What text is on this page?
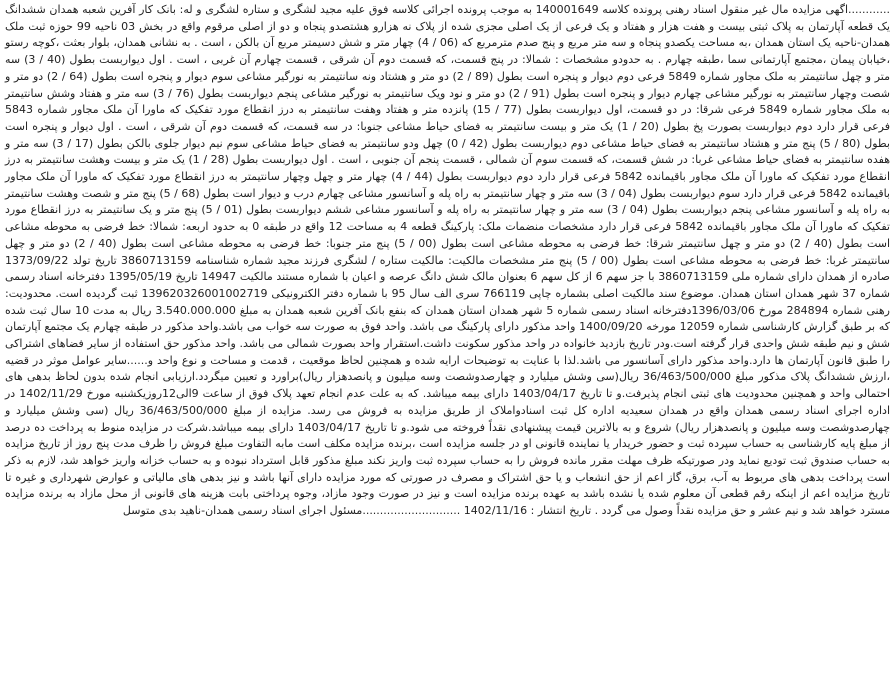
............اگهی مزایده مال غیر منقول اسناد رهنی پرونده کلاسه 140001649 به موجب پرونده اجرائی کلاسه فوق علیه مجید لشگری و ستاره لشگری و له: بانک کار آفرین شعبه همدان ششدانگ یک قطعه آپارتمان به پلاک ثبتی بیست و هفت هزار و هفتاد و یک فرعی از یک اصلی مجزی شده از پلاک نه هزارو هشتصدو پنجاه و دو از اصلی مرقوم واقع در بخش 03 ناحیه 99 حوزه ثبت ملک همدان-ناحیه یک استان همدان ،به مساحت یکصدو پنجاه و سه متر مربع و پنج صدم مترمربع که (06 / 4) چهار متر و شش دسیمتر مربع آن بالکن ، است . به نشانی همدان، بلوار بعثت ،کوچه رستو ،خیابان پیمان ،مجتمع آپارتمانی سما ،طبقه چهارم . به حدودو مشخصات : شمالا: در پنج قسمت، که قسمت دوم آن شرقی ، قسمت چهارم آن غربی ، است . اول دیواربست بطول (40 / 3) سه متر و چهل سانتیمتر به ملک مجاور شماره 5849 فرعی دوم دیوار و پنجره است بطول (89 / 2) دو متر و هشتاد ونه سانتیمتر به نورگیر مشاعی سوم دیوار و پنجره است بطول (64 / 2) دو متر و شصت وچهار سانتیمتر به نورگیر مشاعی چهارم دیوار و پنجره است بطول (91 / 2) دو متر و نود ویک سانتیمتر به نورگیر مشاعی پنجم دیواربست بطول (76 / 3) سه متر و هفتاد وشش سانتیمتر به ملک مجاور شماره 5849 فرعی شرقا: در دو قسمت، اول دیواربست بطول (77 / 15) پانزده متر و هفتاد وهفت سانتیمتر به درز انقطاع مورد تفکیک که ماورا آن ملک مجاور شماره 5843 فرعی قرار دارد دوم دیواربست بصورت پخ بطول (20 / 1) یک متر و بیست سانتیمتر به فضای حیاط مشاعی جنوبا: در سه قسمت، که قسمت دوم آن شرقی ، است . اول دیوار و پنجره است بطول (80 / 5) پنج متر و هشتاد سانتیمتر به فضای حیاط مشاعی دوم دیواربست بطول (42 / 0) چهل ودو سانتیمتر به فضای حیاط مشاعی سوم نیم دیوار جلوی بالکن بطول (17 / 3) سه متر و هفده سانتیمتر به فضای حیاط مشاعی غربا: در شش قسمت، که قسمت سوم آن شمالی ، قسمت پنجم آن جنوبی ، است . اول دیواربست بطول (28 / 1) یک متر و بیست وهشت سانتیمتر به درز انقطاع مورد تفکیک که ماورا آن ملک مجاور باقیمانده 5842 فرعی قرار دارد دوم دیواربست بطول (44 / 4) چهار متر و چهل وچهار سانتیمتر به درز انقطاع مورد تفکیک که ماورا آن ملک مجاور باقیمانده 5842 فرعی قرار دارد سوم دیواربست بطول (04 / 3) سه متر و چهار سانتیمتر به راه پله و آسانسور مشاعی چهارم درب و دیوار است بطول (68 / 5) پنج متر و شصت وهشت سانتیمتر به راه پله و آسانسور مشاعی پنجم دیواربست بطول (04 / 3) سه متر و چهار سانتیمتر به راه پله و آسانسور مشاعی ششم دیواربست بطول (01 / 5) پنج متر و یک سانتیمتر به درز انقطاع مورد تفکیک که ماورا آن ملک مجاور باقیمانده 5842 فرعی قرار دارد مشخصات منضمات ملک: پارکینگ قطعه 4 به مساحت 12 واقع در طبقه 0 به حدود اربعه: شمالا: خط فرضی به محوطه مشاعی است بطول (40 / 2) دو متر و چهل سانتیمتر شرقا: خط فرضی به محوطه مشاعی است بطول (00 / 5) پنج متر جنوبا: خط فرضی به محوطه مشاعی است بطول (40 / 2) دو متر و چهل سانتیمتر غربا: خط فرضی به محوطه مشاعی است بطول (00 / 5) پنج متر مشخصات مالکیت: مالکیت ستاره / لشگری فرزند مجید شماره شناسنامه 3860713159 تاریخ تولد 1373/09/22 صادره از همدان دارای شماره ملی 3860713159 با جز سهم 6 از کل سهم 6 بعنوان مالک شش دانگ عرصه و اعیان با شماره مستند مالکیت 14947 تاریخ 1395/05/19 دفترخانه اسناد رسمی شماره 37 شهر همدان استان همدان. موضوع سند مالکیت اصلی بشماره چاپی 766119 سری الف سال 95 با شماره دفتر الکترونیکی 139620326001002719 ثبت گردیده است. محدودیت: رهنی شماره 284894 مورخ 1396/03/06دفترخانه اسناد رسمی شماره 5 شهر همدان استان همدان که بنفع بانک آفرین شعبه همدان به مبلغ 3.540.000.000 ریال به مدت 10 سال ثبت شده که بر طبق گزارش کارشناسی شماره 12059 مورخه 1400/09/20 واحد مذکور دارای پارکینگ می باشد. واحد فوق به صورت سه خواب می باشد.واحد مذکور در طبقه چهارم یک مجتمع آپارتمان شش و نیم طبقه شش واحدی قرار گرفته است.ودر تاریخ بازدید خانواده در واحد مذکور سکونت داشت.استقرار واحد بصورت شمالی می باشد. واحد مذکور حق استفاده از سایر فضاهای اشتراکی را طبق قانون آپارتمان ها دارد.واحد مذکور دارای آسانسور می باشد.لذا با عنایت به توضیحات ارایه شده و همچنین لحاظ موقعیت ، قدمت و مساحت و نوع واحد و......سایر عوامل موثر در قضیه ،ارزش ششدانگ پلاک مذکور مبلغ 36/463/500/000 ریال(سی وشش میلیارد و چهارصدوشصت وسه میلیون و پانصدهزار ریال)براورد و تعیین میگردد.ارزیابی انجام شده بدون لحاظ بدهی های احتمالی واحد و همچنین محدودیت های ثبتی انجام پذیرفت.و تا تاریخ 1403/04/17 دارای بیمه میباشد. که به علت عدم انجام تعهد پلاک فوق از ساعت 9الی12روزیکشنبه مورخ 1402/11/29 در اداره اجرای اسناد رسمی همدان واقع در همدان سعیدیه اداره کل ثبت اسنادواملاک از طریق مزایده به فروش می رسد. مزایده از مبلغ 36/463/500/000 ریال (سی وشش میلیارد و چهارصدوشصت وسه میلیون و پانصدهزار ریال) شروع و به بالاترین قیمت پیشنهادی نقداً فروخته می شود.و تا تاریخ 1403/04/17 دارای بیمه میباشد.شرکت در مزایده منوط به پرداخت ده درصد از مبلغ پایه کارشناسی به حساب سپرده ثبت و حضور خریدار یا نماینده قانونی او در جلسه مزایده است ،برنده مزایده مکلف است مابه التفاوت مبلغ فروش را ظرف مدت پنج روز از تاریخ مزایده به حساب صندوق ثبت تودیع نماید ودر صورتیکه ظرف مهلت مقرر مانده فروش را به حساب سپرده ثبت واریز نکند مبلغ مذکور قابل استرداد نبوده و به حساب خزانه واریز خواهد شد، لازم به ذکر است پرداخت بدهی های مربوط به آب، برق، گاز اعم از حق انشعاب و یا حق اشتراک و مصرف در صورتی که مورد مزایده دارای آنها باشد و نیز بدهی های مالیاتی و عوارض شهرداری و غیره تا تاریخ مزایده اعم از اینکه رقم قطعی آن معلوم شده یا نشده باشد به عهده برنده مزایده است و نیز در صورت وجود مازاد، وجوه پرداختی بابت هزینه های قانونی از محل مازاد به برنده مزایده مسترد خواهد شد و نیم عشر و حق مزایده نقداً وصول می گردد . تاریخ انتشار : 1402/11/16 ............................مسئول اجرای اسناد رسمی همدان-ناهید بدی متوسل
